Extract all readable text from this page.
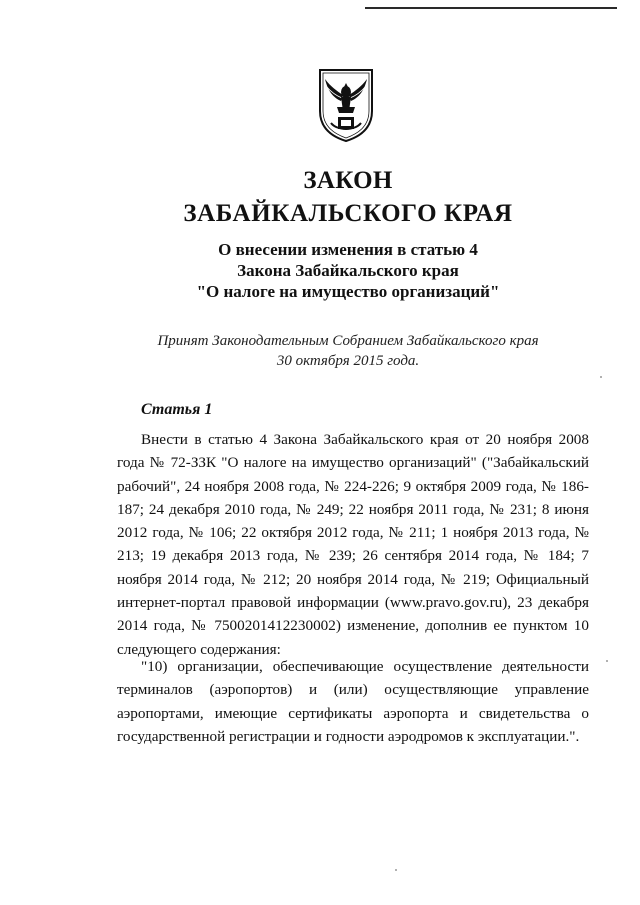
ЗАКОН
ЗАБАЙКАЛЬСКОГО КРАЯ
О внесении изменения в статью 4
Закона Забайкальского края
"О налоге на имущество организаций"
Принят Законодательным Собранием Забайкальского края
30 октября 2015 года.
Статья 1

Внести в статью 4 Закона Забайкальского края от 20 ноября 2008 года № 72-ЗЗК "О налоге на имущество организаций" ("Забайкальский рабочий", 24 ноября 2008 года, № 224-226; 9 октября 2009 года, № 186-187; 24 декабря 2010 года, № 249; 22 ноября 2011 года, № 231; 8 июня 2012 года, № 106; 22 октября 2012 года, № 211; 1 ноября 2013 года, № 213; 19 декабря 2013 года, № 239; 26 сентября 2014 года, № 184; 7 ноября 2014 года, № 212; 20 ноября 2014 года, № 219; Официальный интернет-портал правовой информации (www.pravo.gov.ru), 23 декабря 2014 года, № 7500201412230002) изменение, дополнив ее пунктом 10 следующего содержания:

"10) организации, обеспечивающие осуществление деятельности терминалов (аэропортов) и (или) осуществляющие управление аэропортами, имеющие сертификаты аэропорта и свидетельства о государственной регистрации и годности аэродромов к эксплуатации.".
